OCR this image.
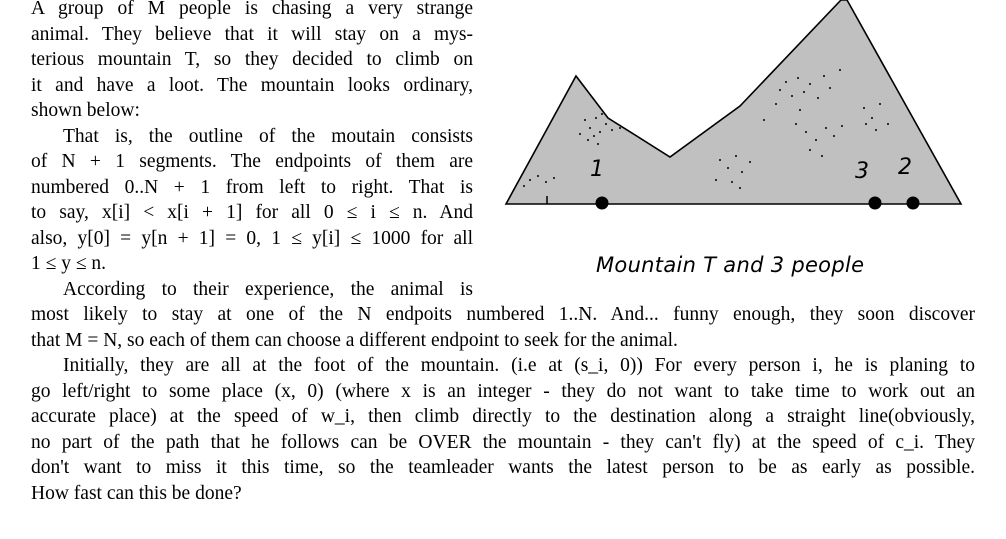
A group of M people is chasing a very strange
animal. They believe that it will stay on a mys-
terious mountain T, so they decided to climb on
it and have a loot. The mountain looks ordinary,
shown below:
That is, the outline of the moutain consists
of N + 1 segments. The endpoints of them are
numbered 0..N + 1 from left to right. That is
to say, x[i] < x[i + 1] for all 0 ≤ i ≤ n. And
also, y[0] = y[n + 1] = 0, 1 ≤ y[i] ≤ 1000 for all
1 ≤ y ≤ n.
According to their experience, the animal is
most likely to stay at one of the N endpoits numbered 1..N. And... funny enough, they soon discover
that M = N, so each of them can choose a different endpoint to seek for the animal.
Initially, they are all at the foot of the mountain. (i.e at (s_i, 0)) For every person i, he is planing to
go left/right to some place (x, 0) (where x is an integer - they do not want to take time to work out an
accurate place) at the speed of w_i, then climb directly to the destination along a straight line(obviously,
no part of the path that he follows can be OVER the mountain - they can't fly) at the speed of c_i. They
don't want to miss it this time, so the teamleader wants the latest person to be as early as possible.
How fast can this be done?
1	3 2
Mountain T and 3 people
